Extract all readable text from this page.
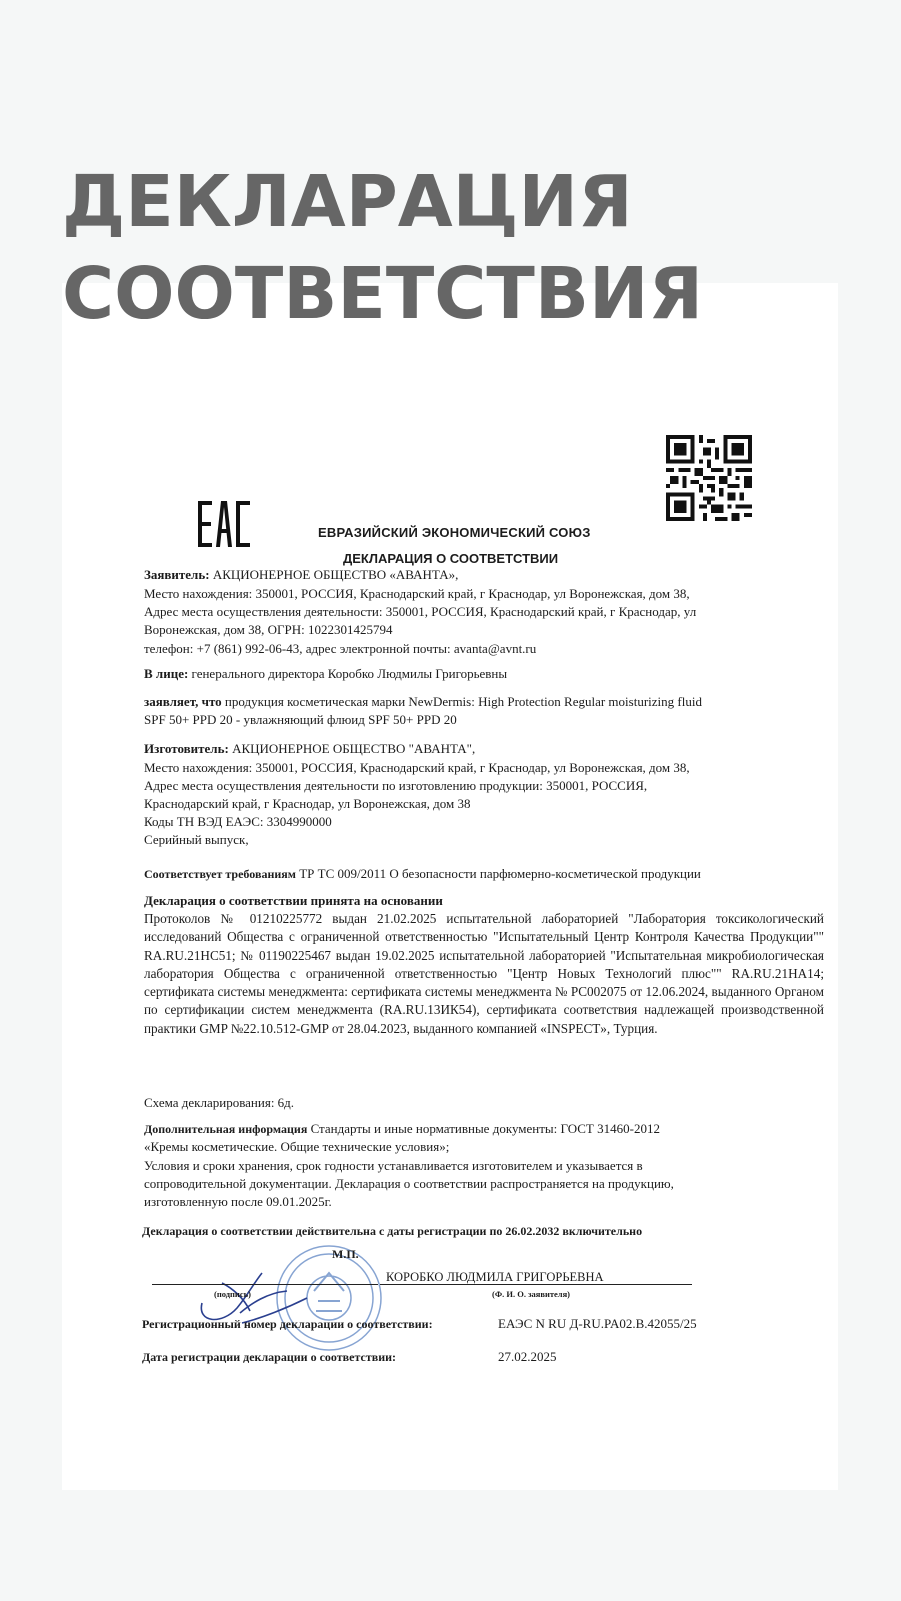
ДЕКЛАРАЦИЯ
СООТВЕТСТВИЯ
ЕВРАЗИЙСКИЙ ЭКОНОМИЧЕСКИЙ СОЮЗ
ДЕКЛАРАЦИЯ О СООТВЕТСТВИИ
Заявитель: АКЦИОНЕРНОЕ ОБЩЕСТВО «АВАНТА»,
Место нахождения: 350001, РОССИЯ, Краснодарский край, г Краснодар, ул Воронежская, дом 38,
Адрес места осуществления деятельности: 350001, РОССИЯ, Краснодарский край, г Краснодар, ул
Воронежская, дом 38, ОГРН: 1022301425794
телефон: +7 (861) 992-06-43, адрес электронной почты: avanta@avnt.ru
В лице: генерального директора Коробко Людмилы Григорьевны
заявляет, что продукция косметическая марки NewDermis: High Protection Regular moisturizing fluid
SPF 50+ PPD 20 - увлажняющий флюид SPF 50+ PPD 20
Изготовитель: АКЦИОНЕРНОЕ ОБЩЕСТВО "АВАНТА",
Место нахождения: 350001, РОССИЯ, Краснодарский край, г Краснодар, ул Воронежская, дом 38,
Адрес места осуществления деятельности по изготовлению продукции: 350001, РОССИЯ,
Краснодарский край, г Краснодар, ул Воронежская, дом 38
Коды ТН ВЭД ЕАЭС: 3304990000
Серийный выпуск,
Соответствует требованиям ТР ТС 009/2011 О безопасности парфюмерно-косметической продукции
Декларация о соответствии принята на основании
Протоколов № 01210225772 выдан 21.02.2025 испытательной лабораторией "Лаборатория токсикологический исследований Общества с ограниченной ответственностью "Испытательный Центр Контроля Качества Продукции"" RA.RU.21HC51; № 01190225467 выдан 19.02.2025 испытательной лабораторией "Испытательная микробиологическая лаборатория Общества с ограниченной ответственностью "Центр Новых Технологий плюс"" RA.RU.21HA14; сертификата системы менеджмента: сертификата системы менеджмента № PC002075 от 12.06.2024, выданного Органом по сертификации систем менеджмента (RA.RU.13ИК54), сертификата соответствия надлежащей производственной практики GMP №22.10.512-GMP от 28.04.2023, выданного компанией «INSPECT», Турция.
Схема декларирования: 6д.
Дополнительная информация Стандарты и иные нормативные документы: ГОСТ 31460-2012
«Кремы косметические. Общие технические условия»;
Условия и сроки хранения, срок годности устанавливается изготовителем и указывается в
сопроводительной документации. Декларация о соответствии распространяется на продукцию,
изготовленную после 09.01.2025г.
Декларация о соответствии действительна с даты регистрации по 26.02.2032 включительно
М.П.
КОРОБКО ЛЮДМИЛА ГРИГОРЬЕВНА
(подпись)	(Ф. И. О. заявителя)
Регистрационный номер декларации о соответствии:	ЕАЭС N RU Д-RU.PA02.B.42055/25
Дата регистрации декларации о соответствии:	27.02.2025
